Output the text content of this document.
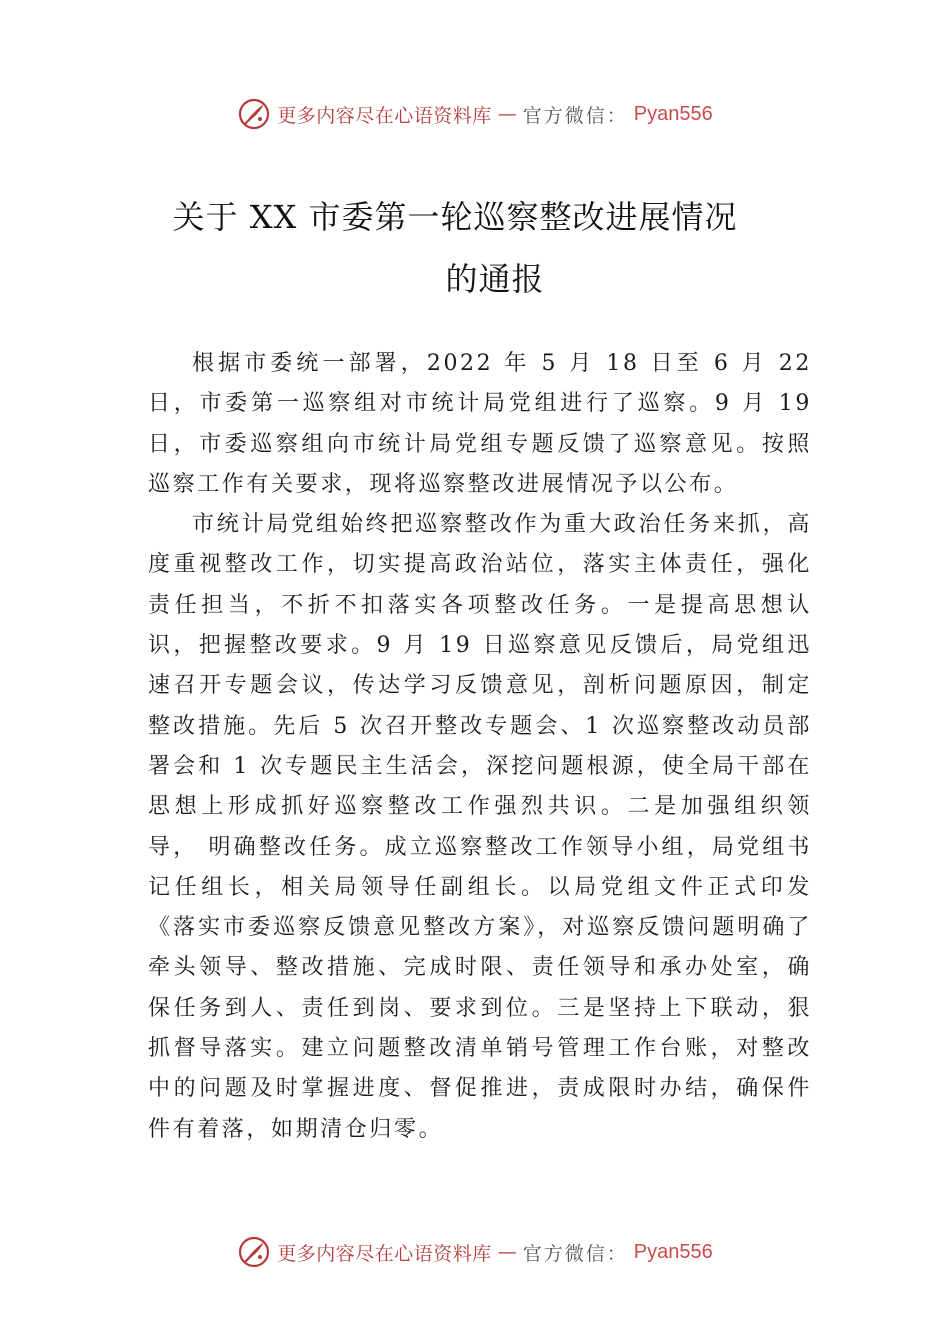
更多内容尽在心语资料库 — 官方微信： Pyan556
关于 XX 市委第一轮巡察整改进展情况
的通报

根据市委统一部署，2022 年 5 月 18 日至 6 月 22 日，市委第一巡察组对市统计局党组进行了巡察。9 月 19 日，市委巡察组向市统计局党组专题反馈了巡察意见。按照巡察工作有关要求，现将巡察整改进展情况予以公布。

市统计局党组始终把巡察整改作为重大政治任务来抓，高度重视整改工作，切实提高政治站位，落实主体责任，强化责任担当，不折不扣落实各项整改任务。一是提高思想认识，把握整改要求。9 月 19 日巡察意见反馈后，局党组迅速召开专题会议，传达学习反馈意见，剖析问题原因，制定整改措施。先后 5 次召开整改专题会、1 次巡察整改动员部署会和 1 次专题民主生活会，深挖问题根源，使全局干部在思想上形成抓好巡察整改工作强烈共识。二是加强组织领导， 明确整改任务。成立巡察整改工作领导小组，局党组书记任组长，相关局领导任副组长。以局党组文件正式印发《落实市委巡察反馈意见整改方案》，对巡察反馈问题明确了牵头领导、整改措施、完成时限、责任领导和承办处室，确保任务到人、责任到岗、要求到位。三是坚持上下联动，狠抓督导落实。建立问题整改清单销号管理工作台账，对整改中的问题及时掌握进度、督促推进，责成限时办结，确保件件有着落，如期清仓归零。

更多内容尽在心语资料库 — 官方微信： Pyan556
